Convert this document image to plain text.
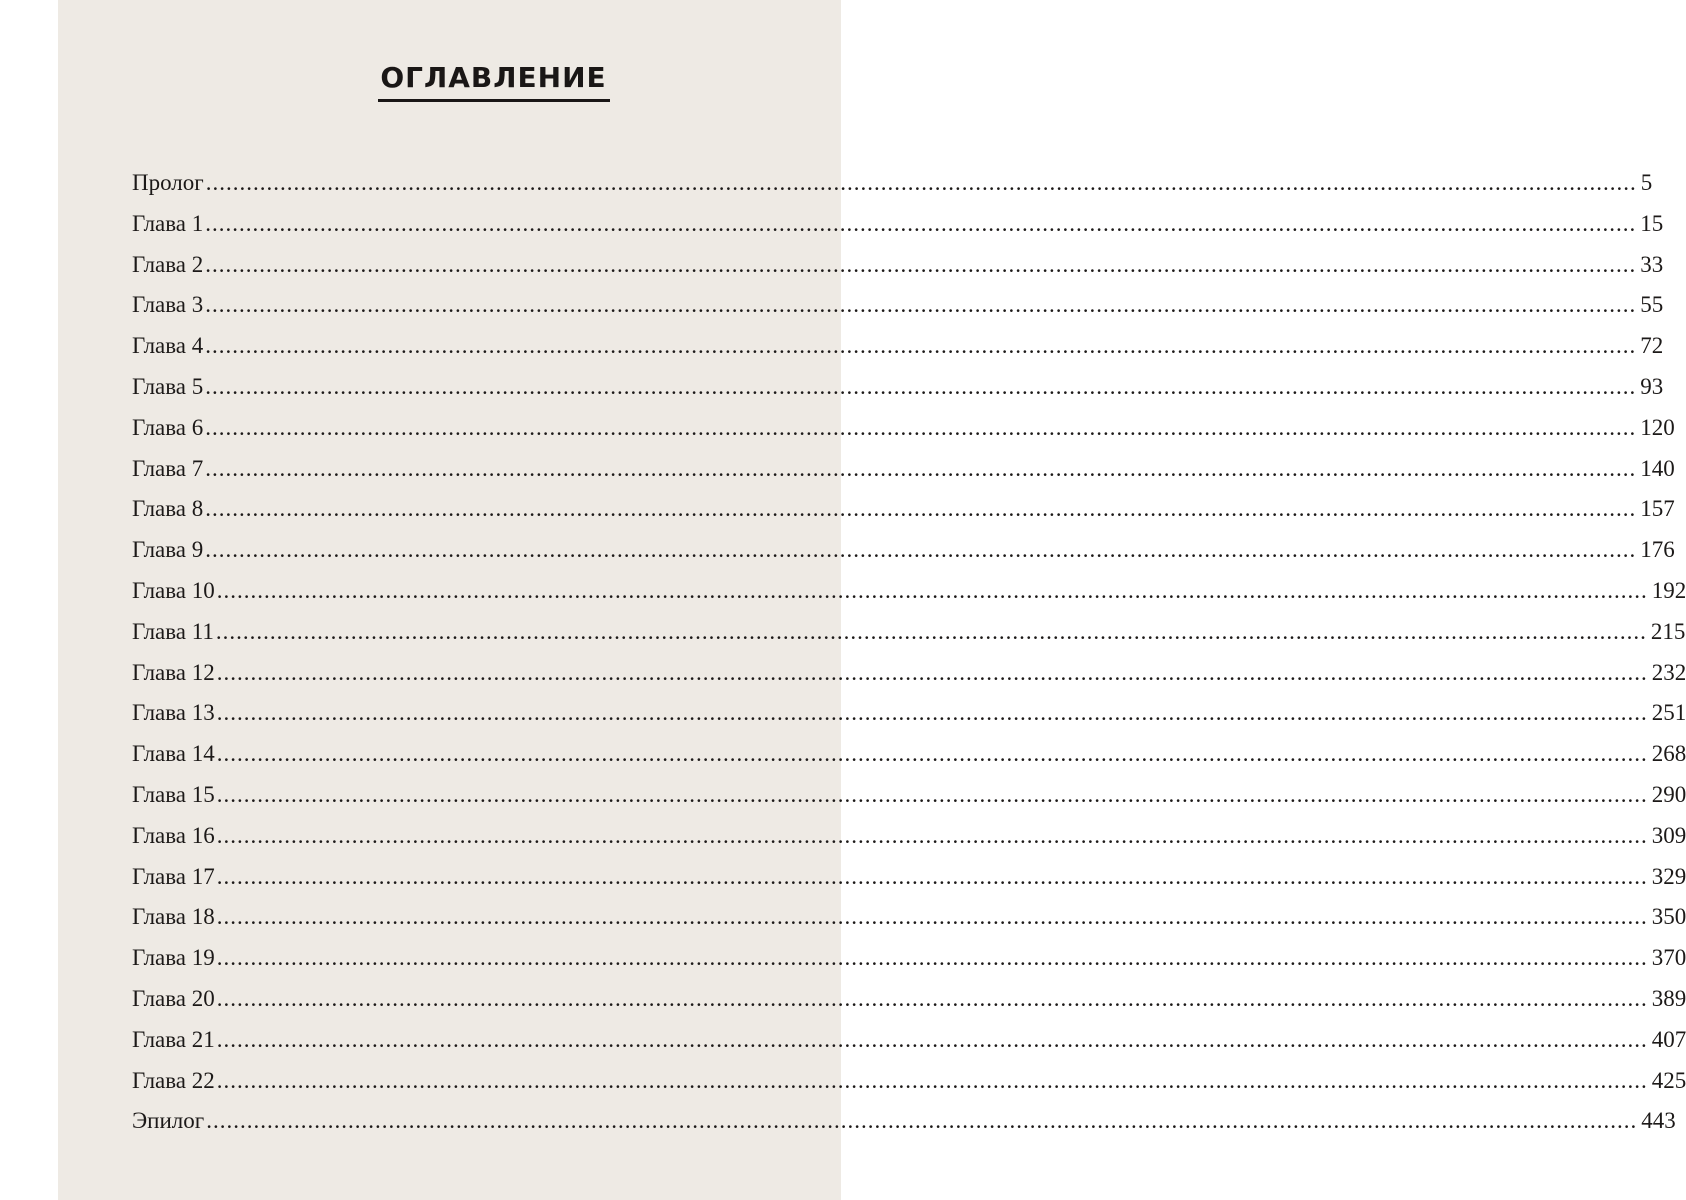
ОГЛАВЛЕНИЕ
Пролог .....	5
Глава 1 .....	15
Глава 2 .....	33
Глава 3 .....	55
Глава 4 .....	72
Глава 5 .....	93
Глава 6 .....	120
Глава 7 .....	140
Глава 8 .....	157
Глава 9 .....	176
Глава 10 .....	192
Глава 11 .....	215
Глава 12 .....	232
Глава 13 .....	251
Глава 14 .....	268
Глава 15 .....	290
Глава 16 .....	309
Глава 17 .....	329
Глава 18 .....	350
Глава 19 .....	370
Глава 20 .....	389
Глава 21 .....	407
Глава 22 .....	425
Эпилог .....	443
